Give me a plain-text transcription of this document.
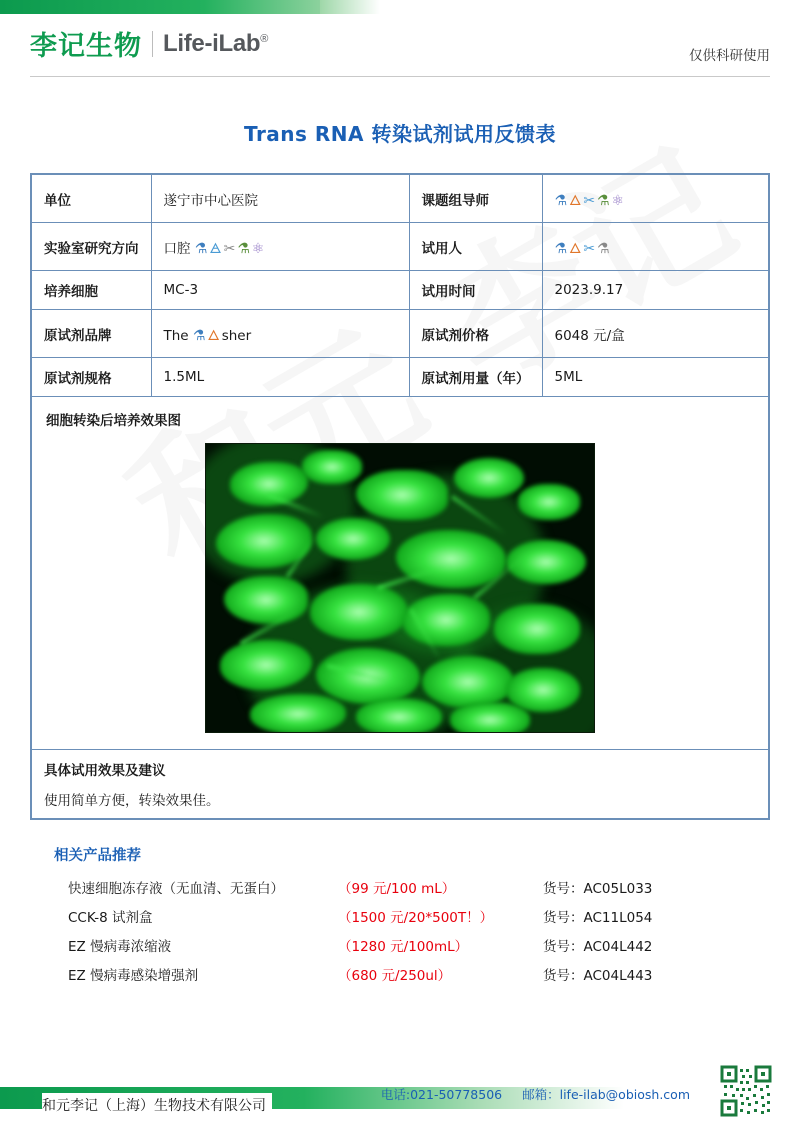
李记生物 Life-iLab®
仅供科研使用
Trans RNA 转染试剂试用反馈表
单位	遂宁市中心医院	课题组导师	⚗🜂✂⚗⚛
实验室研究方向	口腔 ⚗🜁✂⚗⚛	试用人	⚗🜂✂⚗
培养细胞	MC-3	试用时间	2023.9.17
原试剂品牌	The ⚗🜂sher	原试剂价格	6048 元/盒
原试剂规格	1.5ML	原试剂用量（年）	5ML

细胞转染后培养效果图			

具体试用效果及建议
使用简单方便，转染效果佳。			
相关产品推荐
快速细胞冻存液（无血清、无蛋白）	（99 元/100 mL）	货号：AC05L033
CCK-8 试剂盒	（1500 元/20*500T！）	货号：AC11L054
EZ 慢病毒浓缩液	（1280 元/100mL）	货号：AC04L442
EZ 慢病毒感染增强剂	（680 元/250ul）	货号：AC04L443
和元李记（上海）生物技术有限公司
电话:021-50778506 邮箱：life-ilab@obiosh.com
